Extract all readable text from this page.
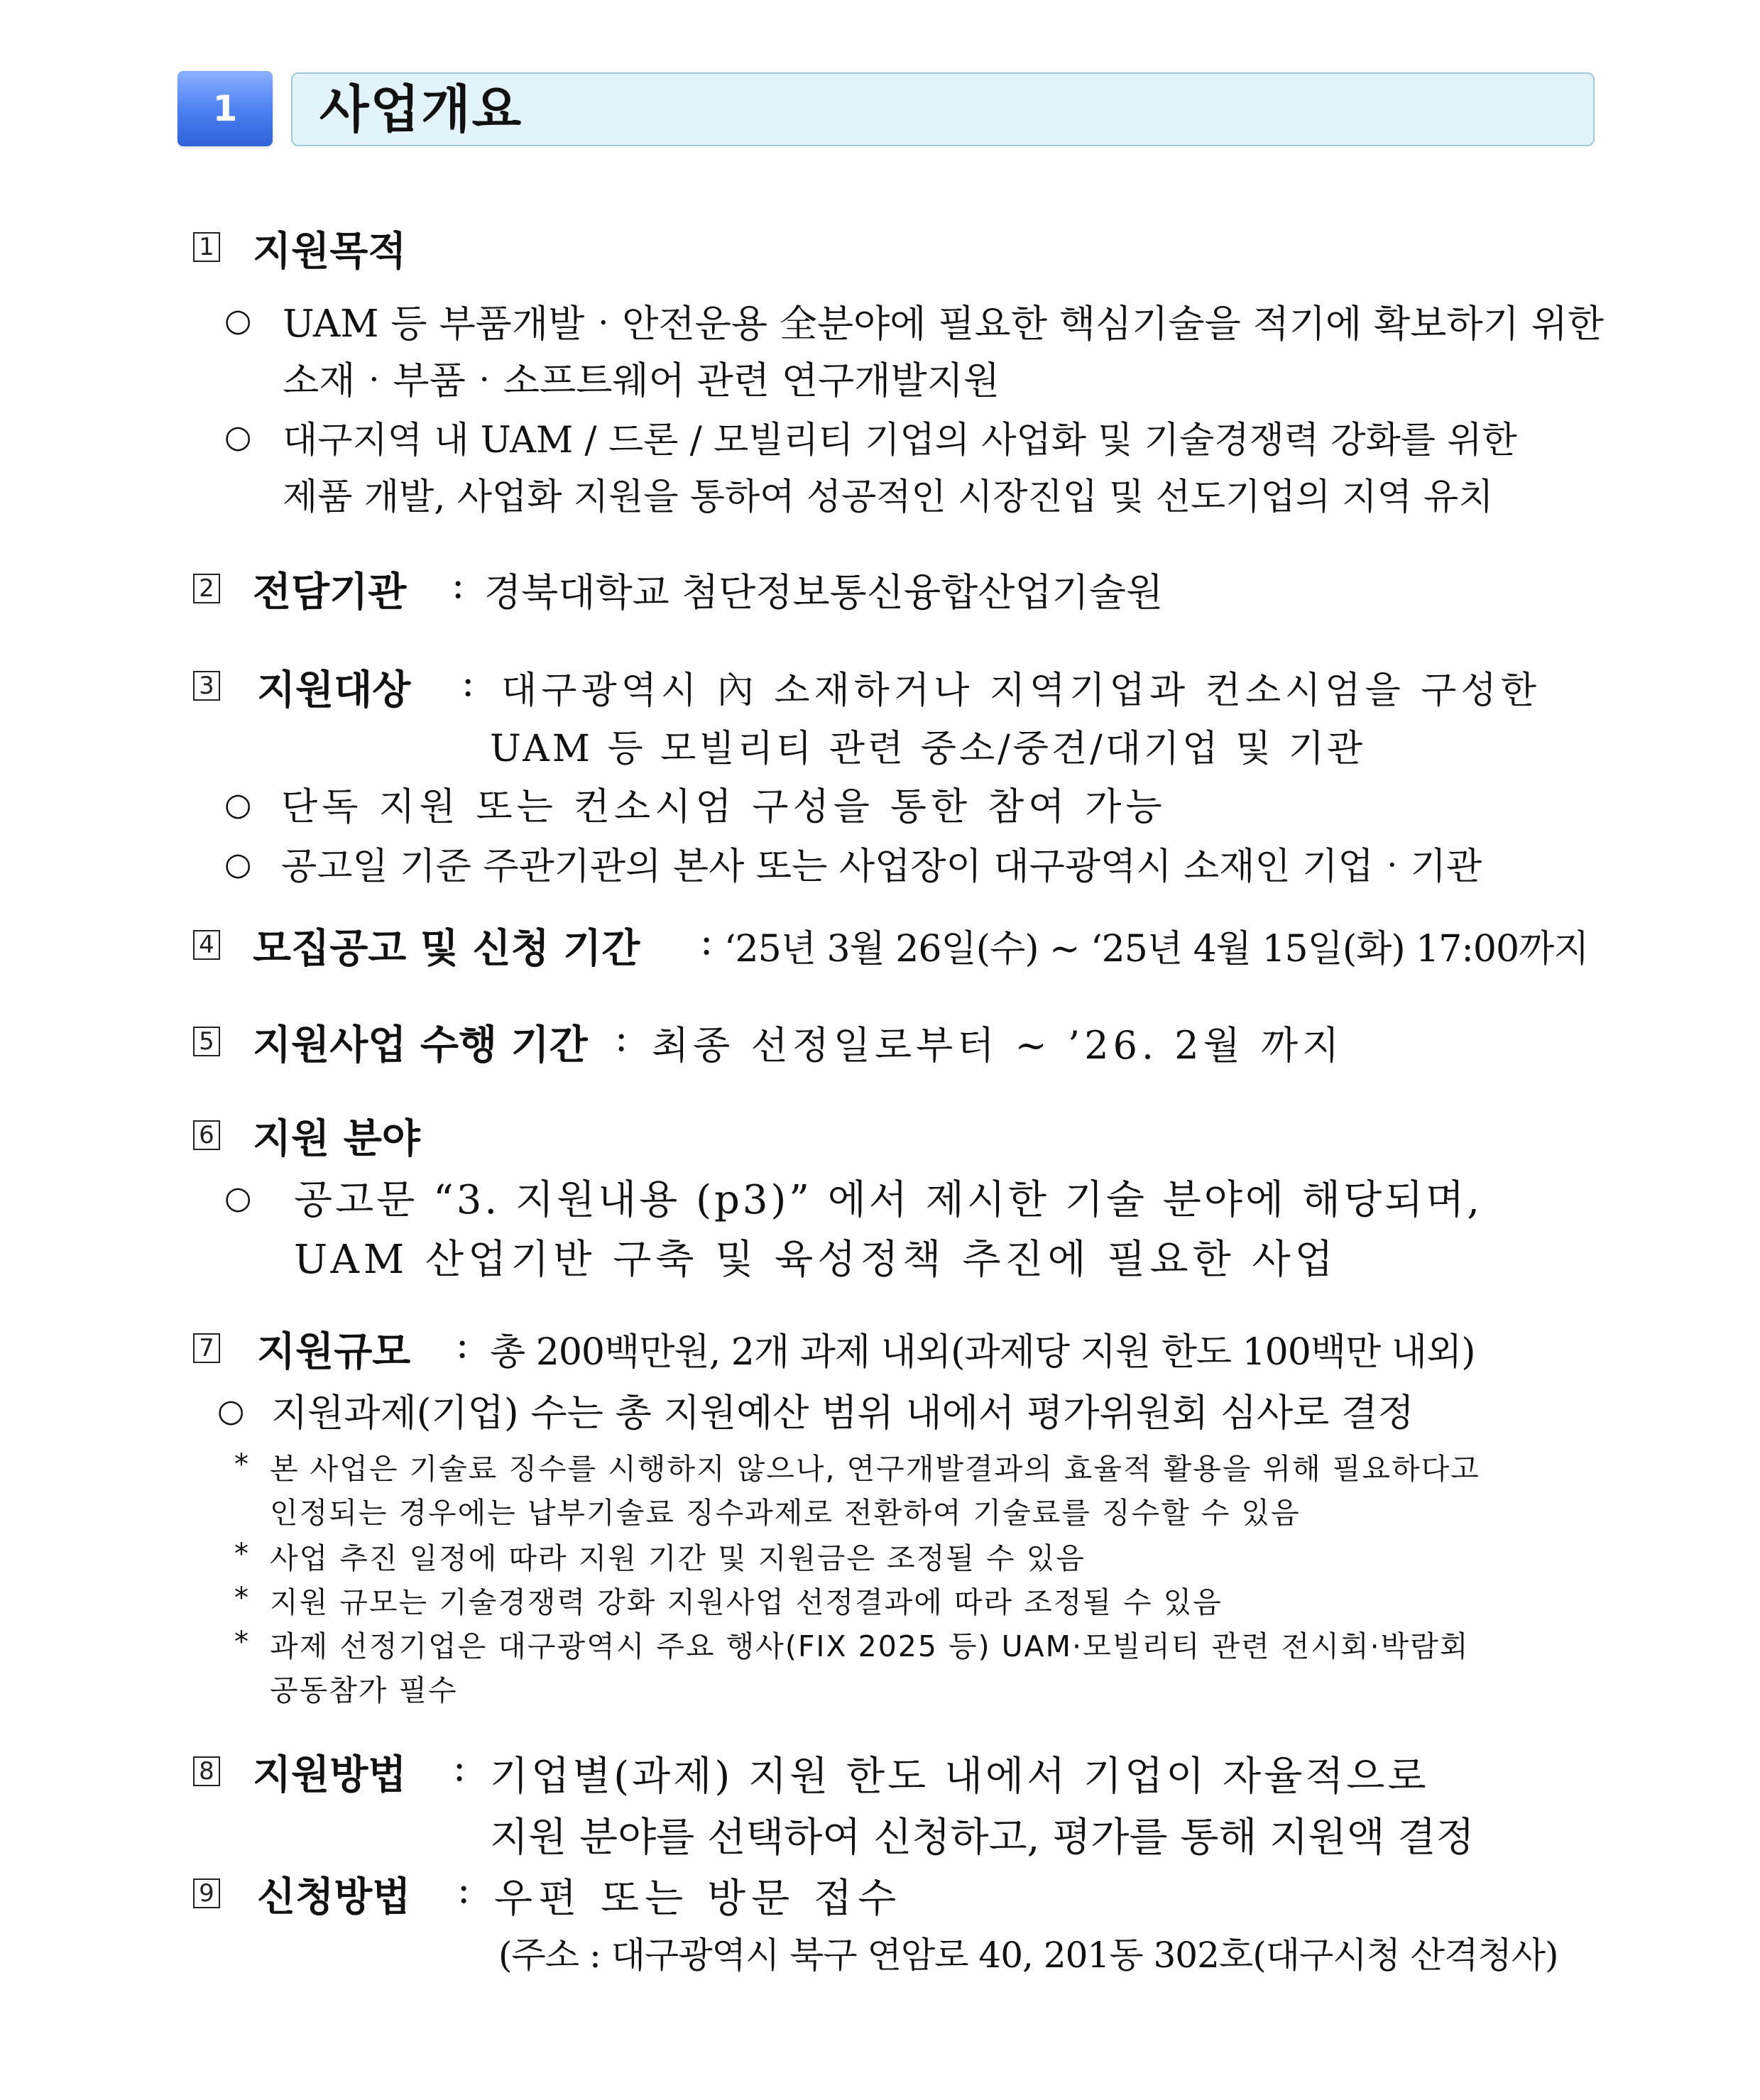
1	사업개요
1 지원목적
○ UAM 등 부품개발‧안전운용 全분야에 필요한 핵심기술을 적기에 확보하기 위한
소재‧부품‧소프트웨어 관련 연구개발지원
○ 대구지역 내 UAM / 드론 / 모빌리티 기업의 사업화 및 기술경쟁력 강화를 위한
제품 개발, 사업화 지원을 통하여 성공적인 시장진입 및 선도기업의 지역 유치
2 전담기관 : 경북대학교 첨단정보통신융합산업기술원
3 지원대상 : 대구광역시 內 소재하거나 지역기업과 컨소시엄을 구성한
UAM 등 모빌리티 관련 중소/중견/대기업 및 기관
○ 단독 지원 또는 컨소시엄 구성을 통한 참여 가능
○ 공고일 기준 주관기관의 본사 또는 사업장이 대구광역시 소재인 기업‧기관
4 모집공고 및 신청 기간 : ‘25년 3월 26일(수) ~ ‘25년 4월 15일(화) 17:00까지
5 지원사업 수행 기간 : 최종 선정일로부터 ~ ’26. 2월 까지
6 지원 분야
○ 공고문 “3. 지원내용 (p3)” 에서 제시한 기술 분야에 해당되며,
UAM 산업기반 구축 및 육성정책 추진에 필요한 사업
7 지원규모 : 총 200백만원, 2개 과제 내외(과제당 지원 한도 100백만 내외)
○ 지원과제(기업) 수는 총 지원예산 범위 내에서 평가위원회 심사로 결정
* 본 사업은 기술료 징수를 시행하지 않으나, 연구개발결과의 효율적 활용을 위해 필요하다고
인정되는 경우에는 납부기술료 징수과제로 전환하여 기술료를 징수할 수 있음
* 사업 추진 일정에 따라 지원 기간 및 지원금은 조정될 수 있음
* 지원 규모는 기술경쟁력 강화 지원사업 선정결과에 따라 조정될 수 있음
* 과제 선정기업은 대구광역시 주요 행사(FIX 2025 등) UAM·모빌리티 관련 전시회·박람회
공동참가 필수
8 지원방법 : 기업별(과제) 지원 한도 내에서 기업이 자율적으로
지원 분야를 선택하여 신청하고, 평가를 통해 지원액 결정
9 신청방법 : 우편 또는 방문 접수
(주소 : 대구광역시 북구 연암로 40, 201동 302호(대구시청 산격청사)
